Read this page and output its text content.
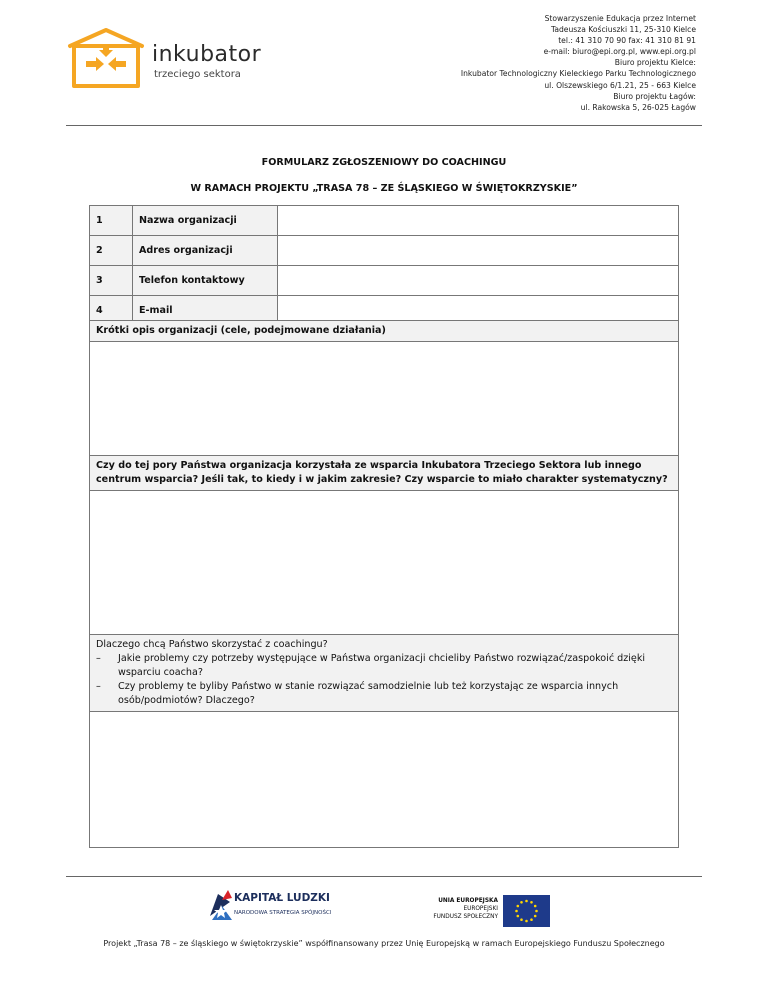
inkubator
trzeciego sektora
Stowarzyszenie Edukacja przez Internet
Tadeusza Kościuszki 11, 25-310 Kielce
tel.: 41 310 70 90 fax: 41 310 81 91
e-mail: biuro@epi.org.pl, www.epi.org.pl
Biuro projektu Kielce:
Inkubator Technologiczny Kieleckiego Parku Technologicznego
ul. Olszewskiego 6/1.21, 25 - 663 Kielce
Biuro projektu Łagów:
ul. Rakowska 5, 26-025 Łagów
FORMULARZ ZGŁOSZENIOWY DO COACHINGU
W RAMACH PROJEKTU „TRASA 78 – ZE ŚLĄSKIEGO W ŚWIĘTOKRZYSKIE”
1	Nazwa organizacji	
2	Adres organizacji	
3	Telefon kontaktowy	
4	E-mail	
Krótki opis organizacji (cele, podejmowane działania)
Czy do tej pory Państwa organizacja korzystała ze wsparcia Inkubatora Trzeciego Sektora lub innego centrum wsparcia? Jeśli tak, to kiedy i w jakim zakresie? Czy wsparcie to miało charakter systematyczny?
Dlaczego chcą Państwo skorzystać z coachingu?
– Jakie problemy czy potrzeby występujące w Państwa organizacji chcieliby Państwo rozwiązać/zaspokoić dzięki wsparciu coacha?
– Czy problemy te byliby Państwo w stanie rozwiązać samodzielnie lub też korzystając ze wsparcia innych osób/podmiotów? Dlaczego?
KAPITAŁ LUDZKI
NARODOWA STRATEGIA SPÓJNOŚCI
UNIA EUROPEJSKA
EUROPEJSKI
FUNDUSZ SPOŁECZNY
Projekt „Trasa 78 – ze śląskiego w świętokrzyskie” współfinansowany przez Unię Europejską w ramach Europejskiego Funduszu Społecznego
